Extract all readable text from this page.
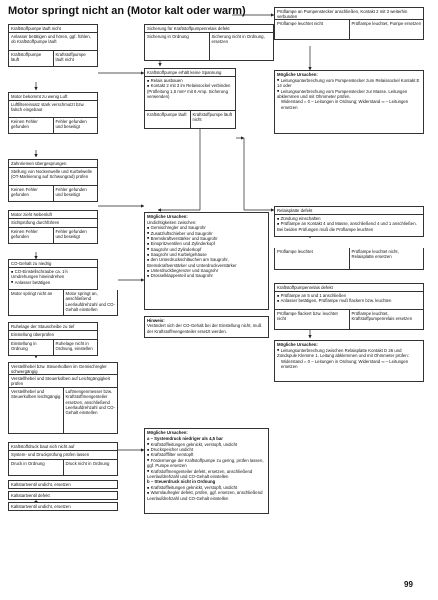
Motor springt nicht an (Motor kalt oder warm)
Kraftstoffpumpe läuft nicht
Anlasser betätigen und hören, ggf. fühlen, ob Kraftstoffpumpe läuft
Kraftstoffpumpe läuft
Kraftstoffpumpe läuft nicht
Motor bekommt zu wenig Luft
Luftfiltereinsatz stark verschmutzt bzw. falsch eingebaut
Keinen Fehler gefunden
Fehler gefunden und beseitigt
Zahnriemen übergesprungen
Stellung von Nockenwelle und Kurbelwelle (OT-Markierung auf Schwungrad) prüfen
Keinen Fehler gefunden
Fehler gefunden und beseitigt
Motor zieht Nebenluft
Sichtprüfung durchführen
Keinen Fehler gefunden
Fehler gefunden und beseitigt
CO-Gehalt zu niedrig
■ CO-Einstellschraube ca. 1½ Umdrehungen hineindrehen
■ Anlasser betätigen
Motor springt nicht an	Motor springt an, anschließend Leerlaufdrehzahl und CO-Gehalt einstellen
Ruhelage der Stauscheibe zu tief
Einstellung überprüfen
Einstellung in Ordnung
Ruhelage nicht in Ordnung, einstellen
Verstellhebel bzw. Steuerkolben im Gemischregler schwergängig
Verstellhebel und Steuerkolben auf Leichtgängigkeit prüfen
Verstellhebel und Steuerkolben leichtgängig
Luftmengenmesser bzw. Kraftstoffmengenteiler ersetzen, anschließend Leerlaufdrehzahl und CO-Gehalt einstellen
Kraftstoffdruck baut sich nicht auf
System- und Druckprüfung prüfen lassen
Druck in Ordnung	Druck nicht in Ordnung
Kaltstartventil undicht, ersetzen
Kaltstartventil defekt
Kaltstartventil undicht, ersetzen
Sicherung für Kraftstoffpumpenrelais defekt
Sicherung in Ordnung	Sicherung nicht in Ordnung, ersetzen
Kraftstoffpumpe erhält keine Spannung
■ Relais ausbauen
■ Kontakt 2 mit 3 im Relaissockel verbinden (Prüfleitung 1,5 mm² mit 8 Amp. Sicherung verwenden)
Kraftstoffpumpe läuft	Kraftstoffpumpe läuft nicht
Mögliche Ursachen:
Undichtigkeiten zwischen:
■ Gemischregler und Saugrohr
■ Zusatzluftschieber und Saugrohr
■ Bremskraftverstärker und Saugrohr
■ Einspritzventilen und Zylinderkopf
■ Saugrohr und Zylinderkopf
■ Saugrohr und Kurbelgehäuse
■ den Unterdruckschläuchen am Saugrohr, Bremskraftverstärker und Unterdruckverstärker
■ Unterdruckbegrenzer und Saugrohr
■ Drosselklappenteil und Saugrohr
Hinweis:
Verändert sich der CO-Gehalt bei der Einstellung nicht, muß der Kraftstoffmengenteiler ersetzt werden.
Mögliche Ursachen:
a – Systemdruck niedriger als 4,5 bar
■ Kraftstoffleitungen geknickt, verstopft, undicht
■ Druckspeicher undicht
■ Kraftstofffilter verstopft
■ Fördermenge der Kraftstoffpumpe zu gering, prüfen lassen, ggf. Pumpe ersetzen
■ Kraftstoffmengenteiler defekt, ersetzen, anschließend Leerlaufdrehzahl und CO-Gehalt einstellen
b – Steuerdruck nicht in Ordnung
■ Kraftstoffleitungen geknickt, verstopft, undicht
■ Warmlaufregler defekt, prüfen, ggf. ersetzen, anschließend Leerlaufdrehzahl und CO-Gehalt einstellen
Prüflampe an Pumpenstecker anschließen, Kontakt 2 mit 3 weiterhin verbunden
Prüflampe leuchtet nicht	Prüflampe leuchtet, Pumpe ersetzen
Mögliche Ursachen:
■ Leitungsunterbrechung vom Pumpenstecker zum Relaissockel Kontakt E 14 oder
■ Leitungsunterbrechung vom Pumpenstecker zur Masse. Leitungen abklemmen und mit Ohmmeter prüfen.
Widerstand = 0 – Leitungen in Ordnung; Widerstand ∞ – Leitungen ersetzen
Relaisplatte defekt
■ Zündung einschalten
■ Prüflampe an Kontakt 4 und Masse, anschließend 4 und 1 anschließen. Bei beiden Prüfungen muß die Prüflampe leuchten
Prüflampe leuchtet	Prüflampe leuchtet nicht, Relaisplatte ersetzen
Kraftstoffpumpenrelais defekt
■ Prüflampe an 5 und 1 anschließen
■ Anlasser betätigen, Prüflampe muß flackern bzw. leuchten
Prüflampe flackert bzw. leuchtet nicht
Prüflampe leuchtet, Kraftstoffpumpenrelais ersetzen
Mögliche Ursachen:
■ Leitungsunterbrechung zwischen Relaisplatte Kontakt D 26 und Zündspule Klemme 1. Leitung abklemmen und mit Ohmmeter prüfen:
Widerstand = 0 – Leitungen in Ordnung; Widerstand ∞ – Leitungen ersetzen
99
